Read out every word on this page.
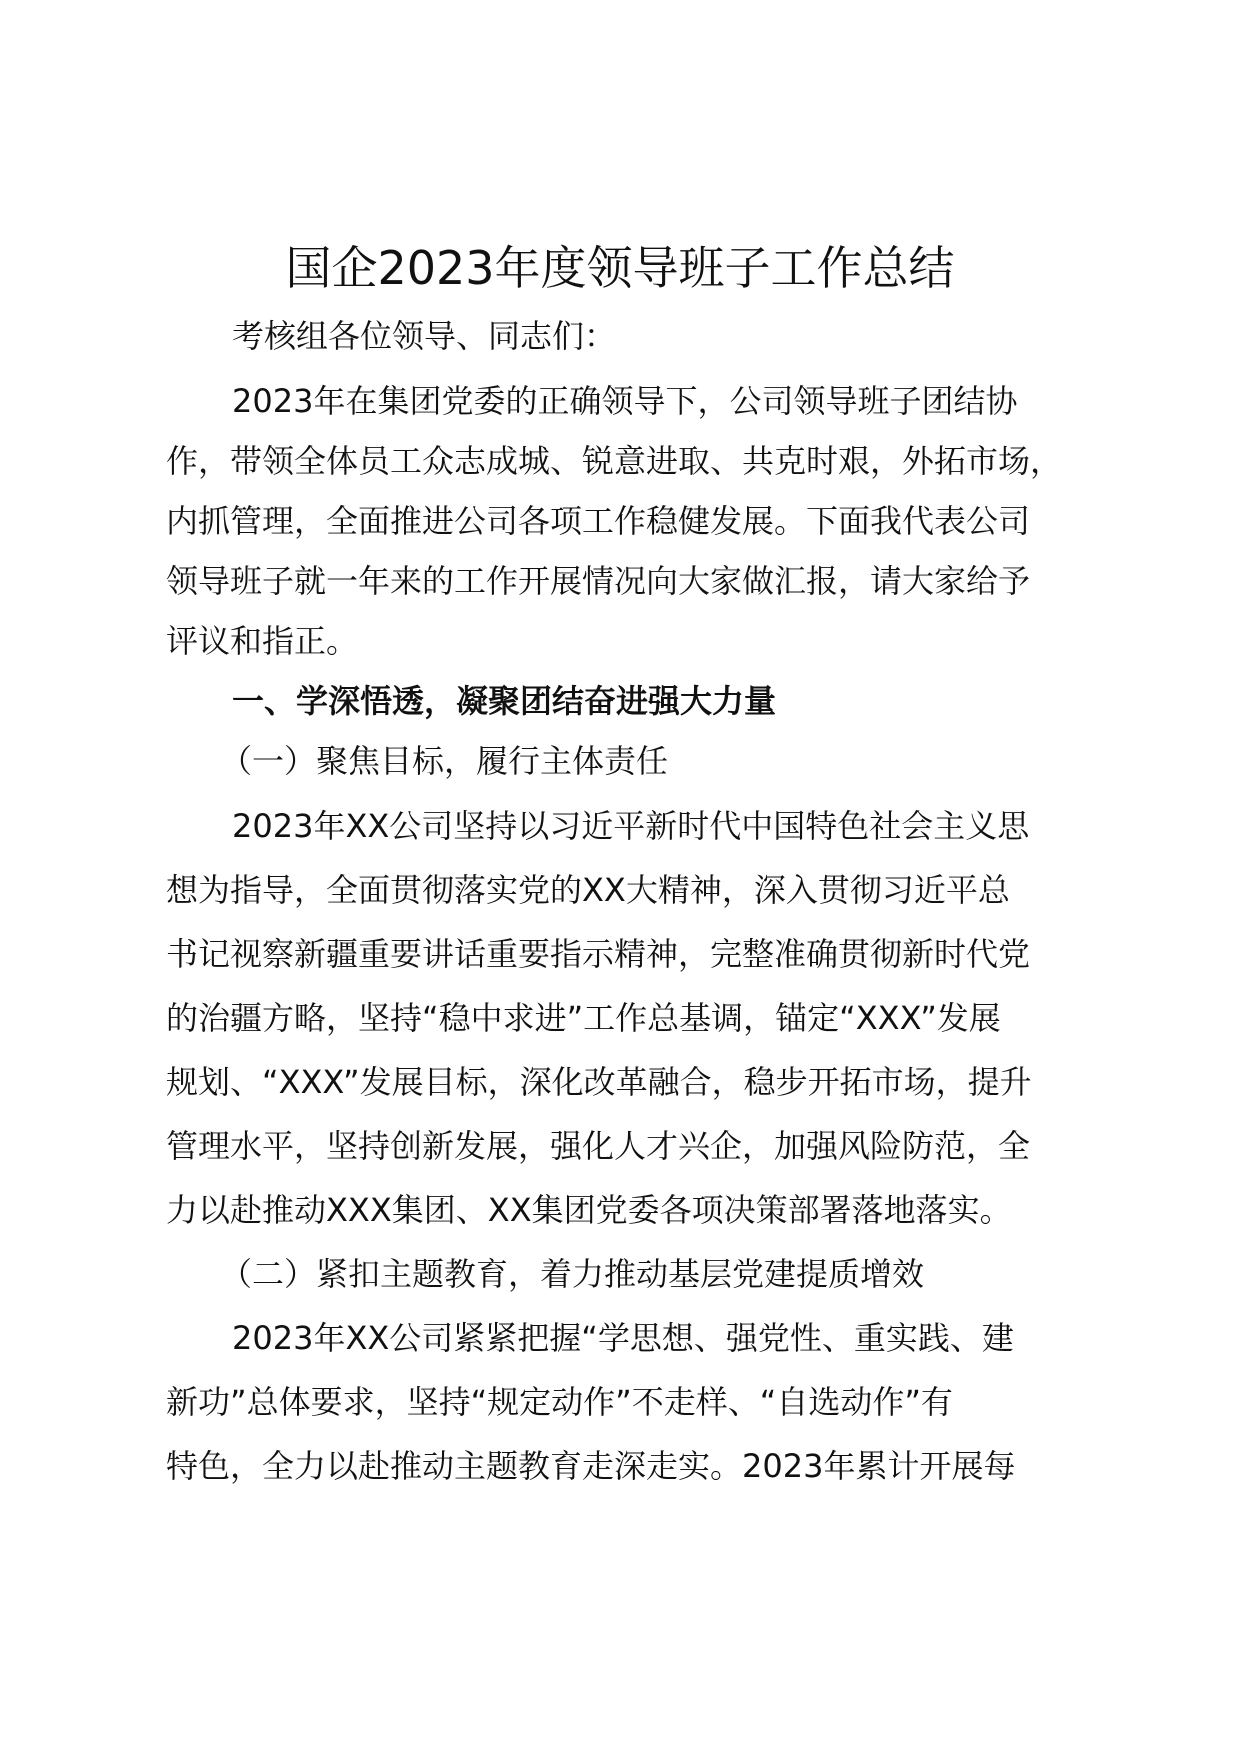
国企2023年度领导班子工作总结

考核组各位领导、同志们：

2023年在集团党委的正确领导下，公司领导班子团结协

作，带领全体员工众志成城、锐意进取、共克时艰，外拓市场，

内抓管理，全面推进公司各项工作稳健发展。下面我代表公司

领导班子就一年来的工作开展情况向大家做汇报，请大家给予

评议和指正。

一、学深悟透，凝聚团结奋进强大力量

（一）聚焦目标，履行主体责任

2023年XX公司坚持以习近平新时代中国特色社会主义思

想为指导，全面贯彻落实党的XX大精神，深入贯彻习近平总

书记视察新疆重要讲话重要指示精神，完整准确贯彻新时代党

的治疆方略，坚持“稳中求进”工作总基调，锚定“XXX”发展

规划、“XXX”发展目标，深化改革融合，稳步开拓市场，提升

管理水平，坚持创新发展，强化人才兴企，加强风险防范，全

力以赴推动XXX集团、XX集团党委各项决策部署落地落实。

（二）紧扣主题教育，着力推动基层党建提质增效

2023年XX公司紧紧把握“学思想、强党性、重实践、建

新功”总体要求，坚持“规定动作”不走样、“自选动作”有

特色，全力以赴推动主题教育走深走实。2023年累计开展每
